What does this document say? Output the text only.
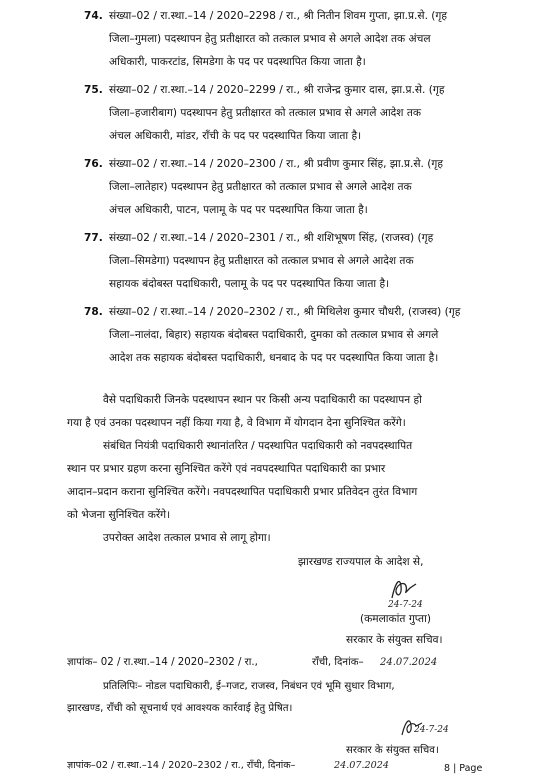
74. संख्या–02 / रा.स्था.–14 / 2020–2298 / रा., श्री नितीन शिवम गुप्ता, झा.प्र.से. (गृह
जिला–गुमला) पदस्थापन हेतु प्रतीक्षारत को तत्काल प्रभाव से अगले आदेश तक अंचल
अधिकारी, पाकरटांड, सिमडेगा के पद पर पदस्थापित किया जाता है।
75. संख्या–02 / रा.स्था.–14 / 2020–2299 / रा., श्री राजेन्द्र कुमार दास, झा.प्र.से. (गृह
जिला–हजारीबाग) पदस्थापन हेतु प्रतीक्षारत को तत्काल प्रभाव से अगले आदेश तक
अंचल अधिकारी, मांडर, राँची के पद पर पदस्थापित किया जाता है।
76. संख्या–02 / रा.स्था.–14 / 2020–2300 / रा., श्री प्रवीण कुमार सिंह, झा.प्र.से. (गृह
जिला–लातेहार) पदस्थापन हेतु प्रतीक्षारत को तत्काल प्रभाव से अगले आदेश तक
अंचल अधिकारी, पाटन, पलामू के पद पर पदस्थापित किया जाता है।
77. संख्या–02 / रा.स्था.–14 / 2020–2301 / रा., श्री शशिभूषण सिंह, (राजस्व) (गृह
जिला–सिमडेगा) पदस्थापन हेतु प्रतीक्षारत को तत्काल प्रभाव से अगले आदेश तक
सहायक बंदोबस्त पदाधिकारी, पलामू के पद पर पदस्थापित किया जाता है।
78. संख्या–02 / रा.स्था.–14 / 2020–2302 / रा., श्री मिथिलेश कुमार चौधरी, (राजस्व) (गृह
जिला–नालंदा, बिहार) सहायक बंदोबस्त पदाधिकारी, दुमका को तत्काल प्रभाव से अगले
आदेश तक सहायक बंदोबस्त पदाधिकारी, धनबाद के पद पर पदस्थापित किया जाता है।
वैसे पदाधिकारी जिनके पदस्थापन स्थान पर किसी अन्य पदाधिकारी का पदस्थापन हो
गया है एवं उनका पदस्थापन नहीं किया गया है, वे विभाग में योगदान देना सुनिश्चित करेंगे।
संबंधित नियंत्री पदाधिकारी स्थानांतरित / पदस्थापित पदाधिकारी को नवपदस्थापित
स्थान पर प्रभार ग्रहण करना सुनिश्चित करेंगे एवं नवपदस्थापित पदाधिकारी का प्रभार
आदान–प्रदान कराना सुनिश्चित करेंगे। नवपदस्थापित पदाधिकारी प्रभार प्रतिवेदन तुरंत विभाग
को भेजना सुनिश्चित करेंगे।
उपरोक्त आदेश तत्काल प्रभाव से लागू होगा।
झारखण्ड राज्यपाल के आदेश से,
24-7-24
(कमलाकांत गुप्ता)
सरकार के संयुक्त सचिव।
ज्ञापांक– 02 / रा.स्था.–14 / 2020–2302 / रा.,	राँची, दिनांक– 24.07.2024
प्रतिलिपिः– नोडल पदाधिकारी, ई–गजट, राजस्व, निबंधन एवं भूमि सुधार विभाग,
झारखण्ड, राँची को सूचनार्थ एवं आवश्यक कार्रवाई हेतु प्रेषित।
24-7-24
सरकार के संयुक्त सचिव।
ज्ञापांक–02 / रा.स्था.–14 / 2020–2302 / रा., राँची, दिनांक–	24.07.2024	8 | Page
